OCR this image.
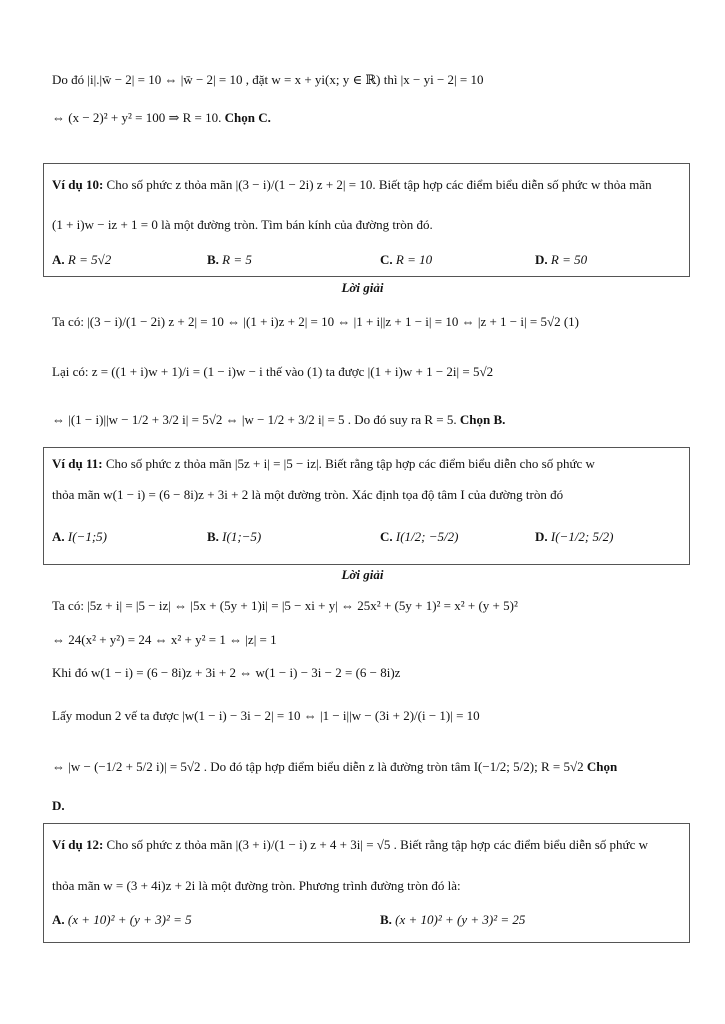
Do đó |i|.|w̄ − 2| = 10 ⇔ |w̄ − 2| = 10 , đặt w = x + yi(x; y ∈ ℝ) thì |x − yi − 2| = 10
⇔ (x − 2)² + y² = 100 ⇒ R = 10. Chọn C.
Ví dụ 10: Cho số phức z thỏa mãn |(3 − i)/(1 − 2i) z + 2| = 10. Biết tập hợp các điểm biểu diễn số phức w thỏa mãn
(1 + i)w − iz + 1 = 0 là một đường tròn. Tìm bán kính của đường tròn đó.
A. R = 5√2	B. R = 5	C. R = 10	D. R = 50
Lời giải
Ta có: |(3 − i)/(1 − 2i) z + 2| = 10 ⇔ |(1 + i)z + 2| = 10 ⇔ |1 + i||z + 1 − i| = 10 ⇔ |z + 1 − i| = 5√2 (1)
Lại có: z = ((1 + i)w + 1)/i = (1 − i)w − i thế vào (1) ta được |(1 + i)w + 1 − 2i| = 5√2
⇔ |(1 − i)||w − 1/2 + 3/2 i| = 5√2 ⇔ |w − 1/2 + 3/2 i| = 5 . Do đó suy ra R = 5. Chọn B.
Ví dụ 11: Cho số phức z thỏa mãn |5z + i| = |5 − iz|. Biết rằng tập hợp các điểm biểu diễn cho số phức w
thỏa mãn w(1 − i) = (6 − 8i)z + 3i + 2 là một đường tròn. Xác định tọa độ tâm I của đường tròn đó
A. I(−1;5)	B. I(1;−5)	C. I(1/2; −5/2)	D. I(−1/2; 5/2)
Lời giải
Ta có: |5z + i| = |5 − iz| ⇔ |5x + (5y + 1)i| = |5 − xi + y| ⇔ 25x² + (5y + 1)² = x² + (y + 5)²
⇔ 24(x² + y²) = 24 ⇔ x² + y² = 1 ⇔ |z| = 1
Khi đó w(1 − i) = (6 − 8i)z + 3i + 2 ⇔ w(1 − i) − 3i − 2 = (6 − 8i)z
Lấy modun 2 vế ta được |w(1 − i) − 3i − 2| = 10 ⇔ |1 − i||w − (3i + 2)/(i − 1)| = 10
⇔ |w − (−1/2 + 5/2 i)| = 5√2 . Do đó tập hợp điểm biểu diễn z là đường tròn tâm I(−1/2; 5/2); R = 5√2 Chọn
D.
Ví dụ 12: Cho số phức z thỏa mãn |(3 + i)/(1 − i) z + 4 + 3i| = √5 . Biết rằng tập hợp các điểm biểu diễn số phức w
thỏa mãn w = (3 + 4i)z + 2i là một đường tròn. Phương trình đường tròn đó là:
A. (x + 10)² + (y + 3)² = 5	B. (x + 10)² + (y + 3)² = 25
